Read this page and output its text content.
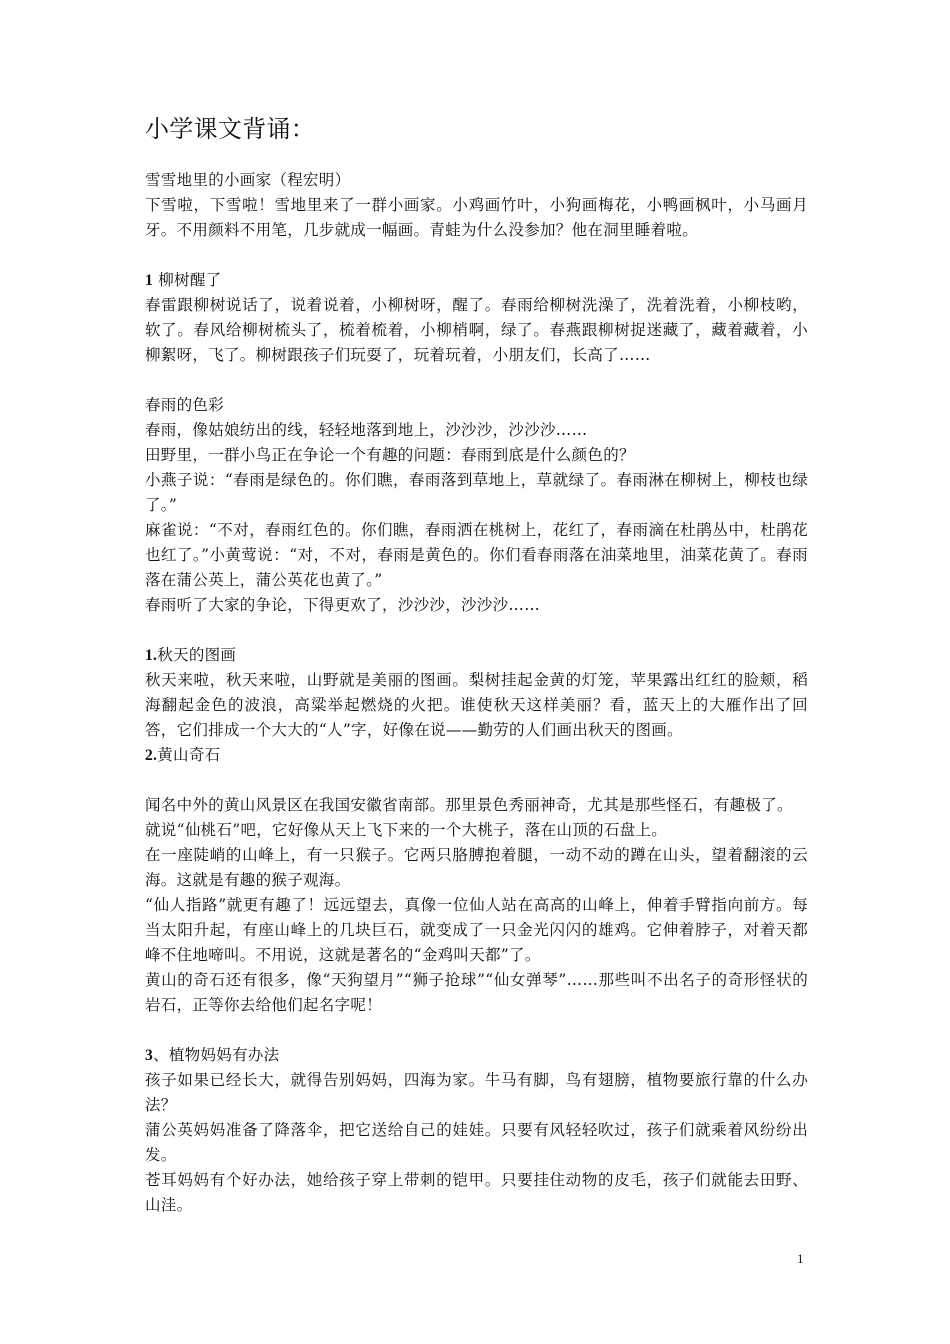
小学课文背诵：

雪雪地里的小画家（程宏明）

下雪啦，下雪啦！雪地里来了一群小画家。小鸡画竹叶，小狗画梅花，小鸭画枫叶，小马画月牙。不用颜料不用笔，几步就成一幅画。青蛙为什么没参加？他在洞里睡着啦。

1 柳树醒了

春雷跟柳树说话了，说着说着，小柳树呀，醒了。春雨给柳树洗澡了，洗着洗着，小柳枝哟，软了。春风给柳树梳头了，梳着梳着，小柳梢啊，绿了。春燕跟柳树捉迷藏了，藏着藏着，小柳絮呀，飞了。柳树跟孩子们玩耍了，玩着玩着，小朋友们，长高了……

春雨的色彩

春雨，像姑娘纺出的线，轻轻地落到地上，沙沙沙，沙沙沙……

田野里，一群小鸟正在争论一个有趣的问题：春雨到底是什么颜色的？

小燕子说：“春雨是绿色的。你们瞧，春雨落到草地上，草就绿了。春雨淋在柳树上，柳枝也绿了。”

麻雀说：“不对，春雨红色的。你们瞧，春雨洒在桃树上，花红了，春雨滴在杜鹃丛中，杜鹃花也红了。”小黄莺说：“对，不对，春雨是黄色的。你们看春雨落在油菜地里，油菜花黄了。春雨落在蒲公英上，蒲公英花也黄了。”

春雨听了大家的争论，下得更欢了，沙沙沙，沙沙沙……

1.秋天的图画

秋天来啦，秋天来啦，山野就是美丽的图画。梨树挂起金黄的灯笼，苹果露出红红的脸颊，稻海翻起金色的波浪，高粱举起燃烧的火把。谁使秋天这样美丽？看，蓝天上的大雁作出了回答，它们排成一个大大的“人”字，好像在说——勤劳的人们画出秋天的图画。

2.黄山奇石

闻名中外的黄山风景区在我国安徽省南部。那里景色秀丽神奇，尤其是那些怪石，有趣极了。

就说“仙桃石”吧，它好像从天上飞下来的一个大桃子，落在山顶的石盘上。

在一座陡峭的山峰上，有一只猴子。它两只胳膊抱着腿，一动不动的蹲在山头，望着翻滚的云海。这就是有趣的猴子观海。

“仙人指路”就更有趣了！远远望去，真像一位仙人站在高高的山峰上，伸着手臂指向前方。每当太阳升起，有座山峰上的几块巨石，就变成了一只金光闪闪的雄鸡。它伸着脖子，对着天都峰不住地啼叫。不用说，这就是著名的“金鸡叫天都”了。

黄山的奇石还有很多，像“天狗望月”“狮子抢球”“仙女弹琴”……那些叫不出名子的奇形怪状的岩石，正等你去给他们起名字呢！

3、植物妈妈有办法

孩子如果已经长大，就得告别妈妈，四海为家。牛马有脚，鸟有翅膀，植物要旅行靠的什么办法？

蒲公英妈妈准备了降落伞，把它送给自己的娃娃。只要有风轻轻吹过，孩子们就乘着风纷纷出发。

苍耳妈妈有个好办法，她给孩子穿上带刺的铠甲。只要挂住动物的皮毛，孩子们就能去田野、山洼。

1
